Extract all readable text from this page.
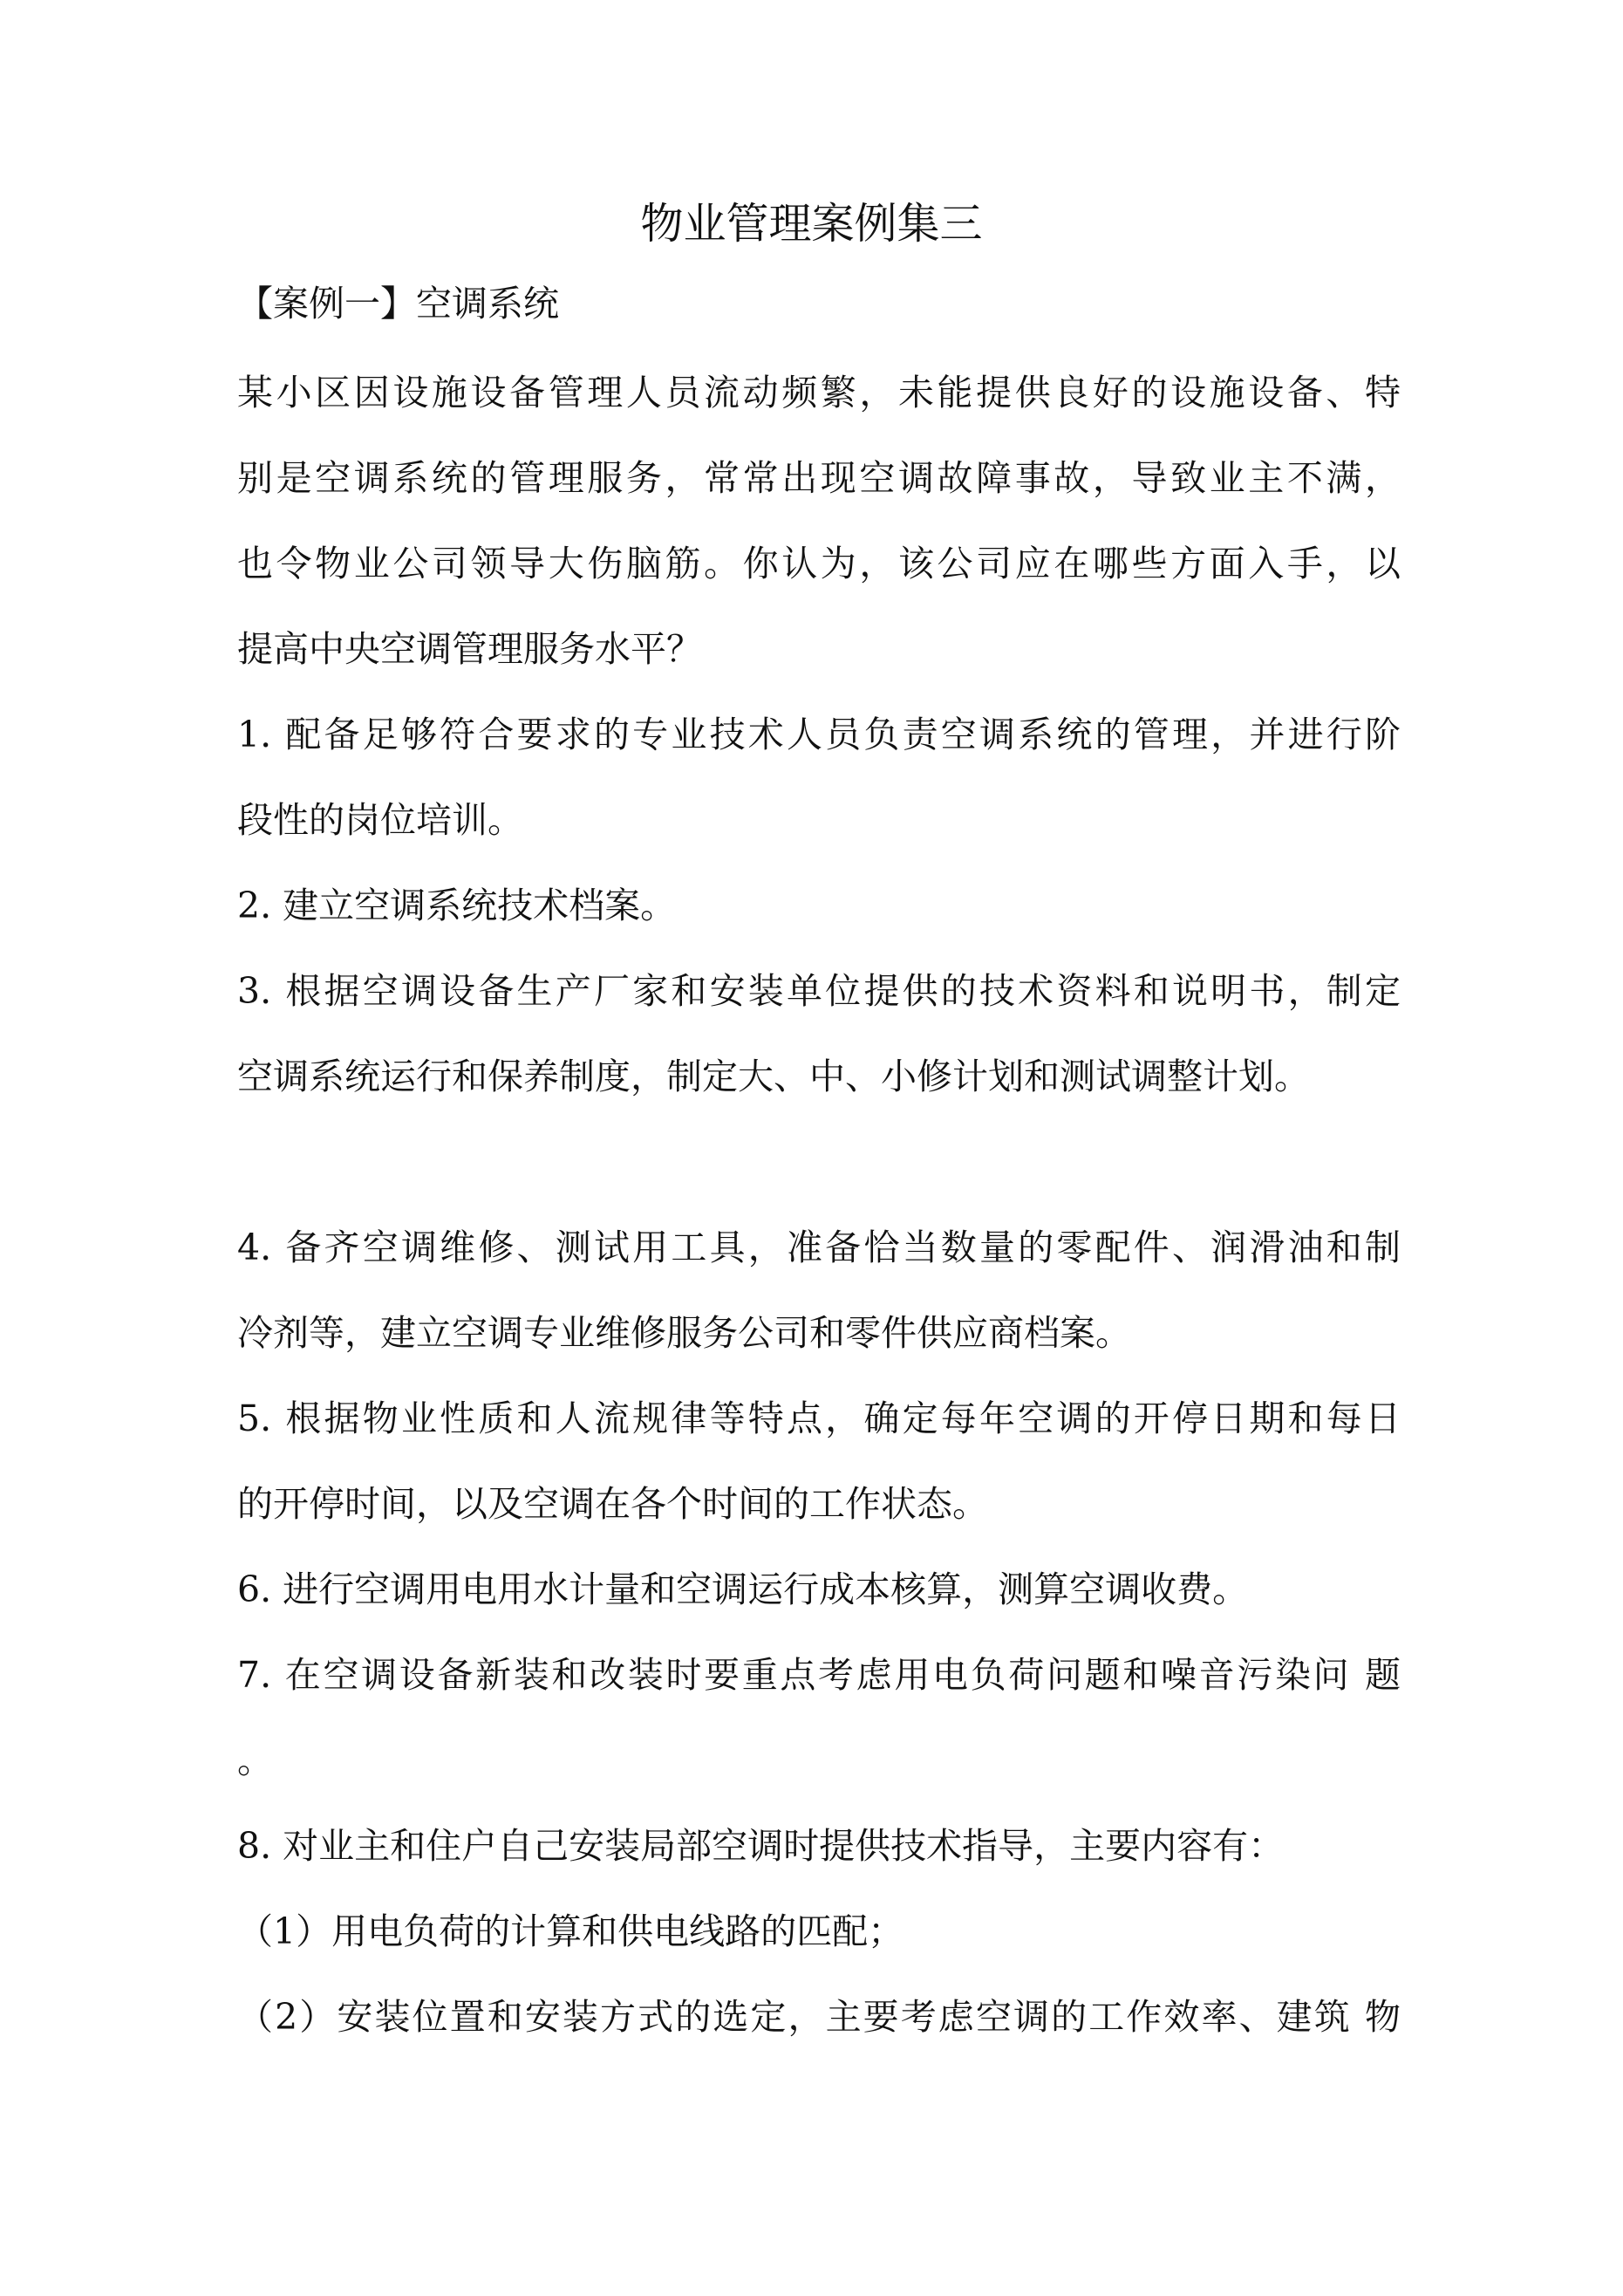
物业管理案例集三
【案例一】空调系统
某小区因设施设备管理人员流动频繁，未能提供良好的设施设备、特
别是空调系统的管理服务，常常出现空调故障事故，导致业主不满，
也令物业公司领导大伤脑筋。你认为，该公司应在哪些方面入手，以
提高中央空调管理服务水平？
1. 配备足够符合要求的专业技术人员负责空调系统的管理，并进行阶
段性的岗位培训。
2. 建立空调系统技术档案。
3. 根据空调设备生产厂家和安装单位提供的技术资料和说明书，制定
空调系统运行和保养制度，制定大、中、小修计划和测试调整计划。
4. 备齐空调维修、测试用工具，准备恰当数量的零配件、润滑油和制
冷剂等，建立空调专业维修服务公司和零件供应商档案。
5. 根据物业性质和人流规律等特点，确定每年空调的开停日期和每日
的开停时间，以及空调在各个时间的工作状态。
6. 进行空调用电用水计量和空调运行成本核算，测算空调收费。
7. 在空调设备新装和改装时要重点考虑用电负荷问题和噪音污染问 题
。
8. 对业主和住户自己安装局部空调时提供技术指导，主要内容有：
（1）用电负荷的计算和供电线路的匹配；
（2）安装位置和安装方式的选定，主要考虑空调的工作效率、建筑 物
